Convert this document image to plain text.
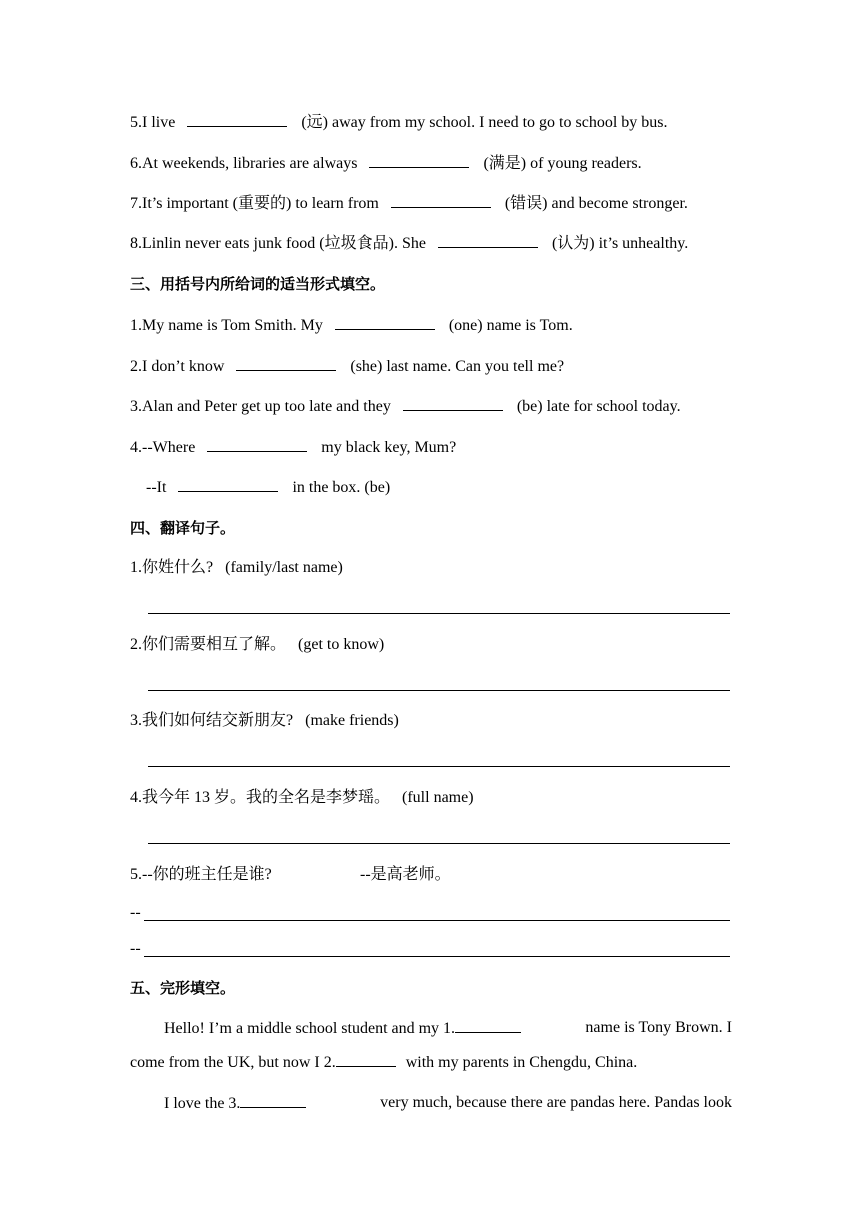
5.I live	(远) away from my school. I need to go to school by bus.
6.At weekends, libraries are always	(满是) of young readers.
7.It’s important (重要的) to learn from	(错误) and become stronger.
8.Linlin never eats junk food (垃圾食品). She	(认为) it’s unhealthy.
三、用括号内所给词的适当形式填空。
1.My name is Tom Smith. My	(one) name is Tom.
2.I don’t know	(she) last name. Can you tell me?
3.Alan and Peter get up too late and they	(be) late for school today.
4.--Where	my black key, Mum?
--It	in the box. (be)
四、翻译句子。
1.你姓什么? (family/last name)
2.你们需要相互了解。 (get to know)
3.我们如何结交新朋友? (make friends)
4.我今年 13 岁。我的全名是李梦瑶。 (full name)
5.--你的班主任是谁?	--是高老师。
--
--
五、完形填空。
Hello! I’m a middle school student and my 1.	name is Tony Brown. I
come from the UK, but now I 2.	with my parents in Chengdu, China.
I love the 3.	very much, because there are pandas here. Pandas look
